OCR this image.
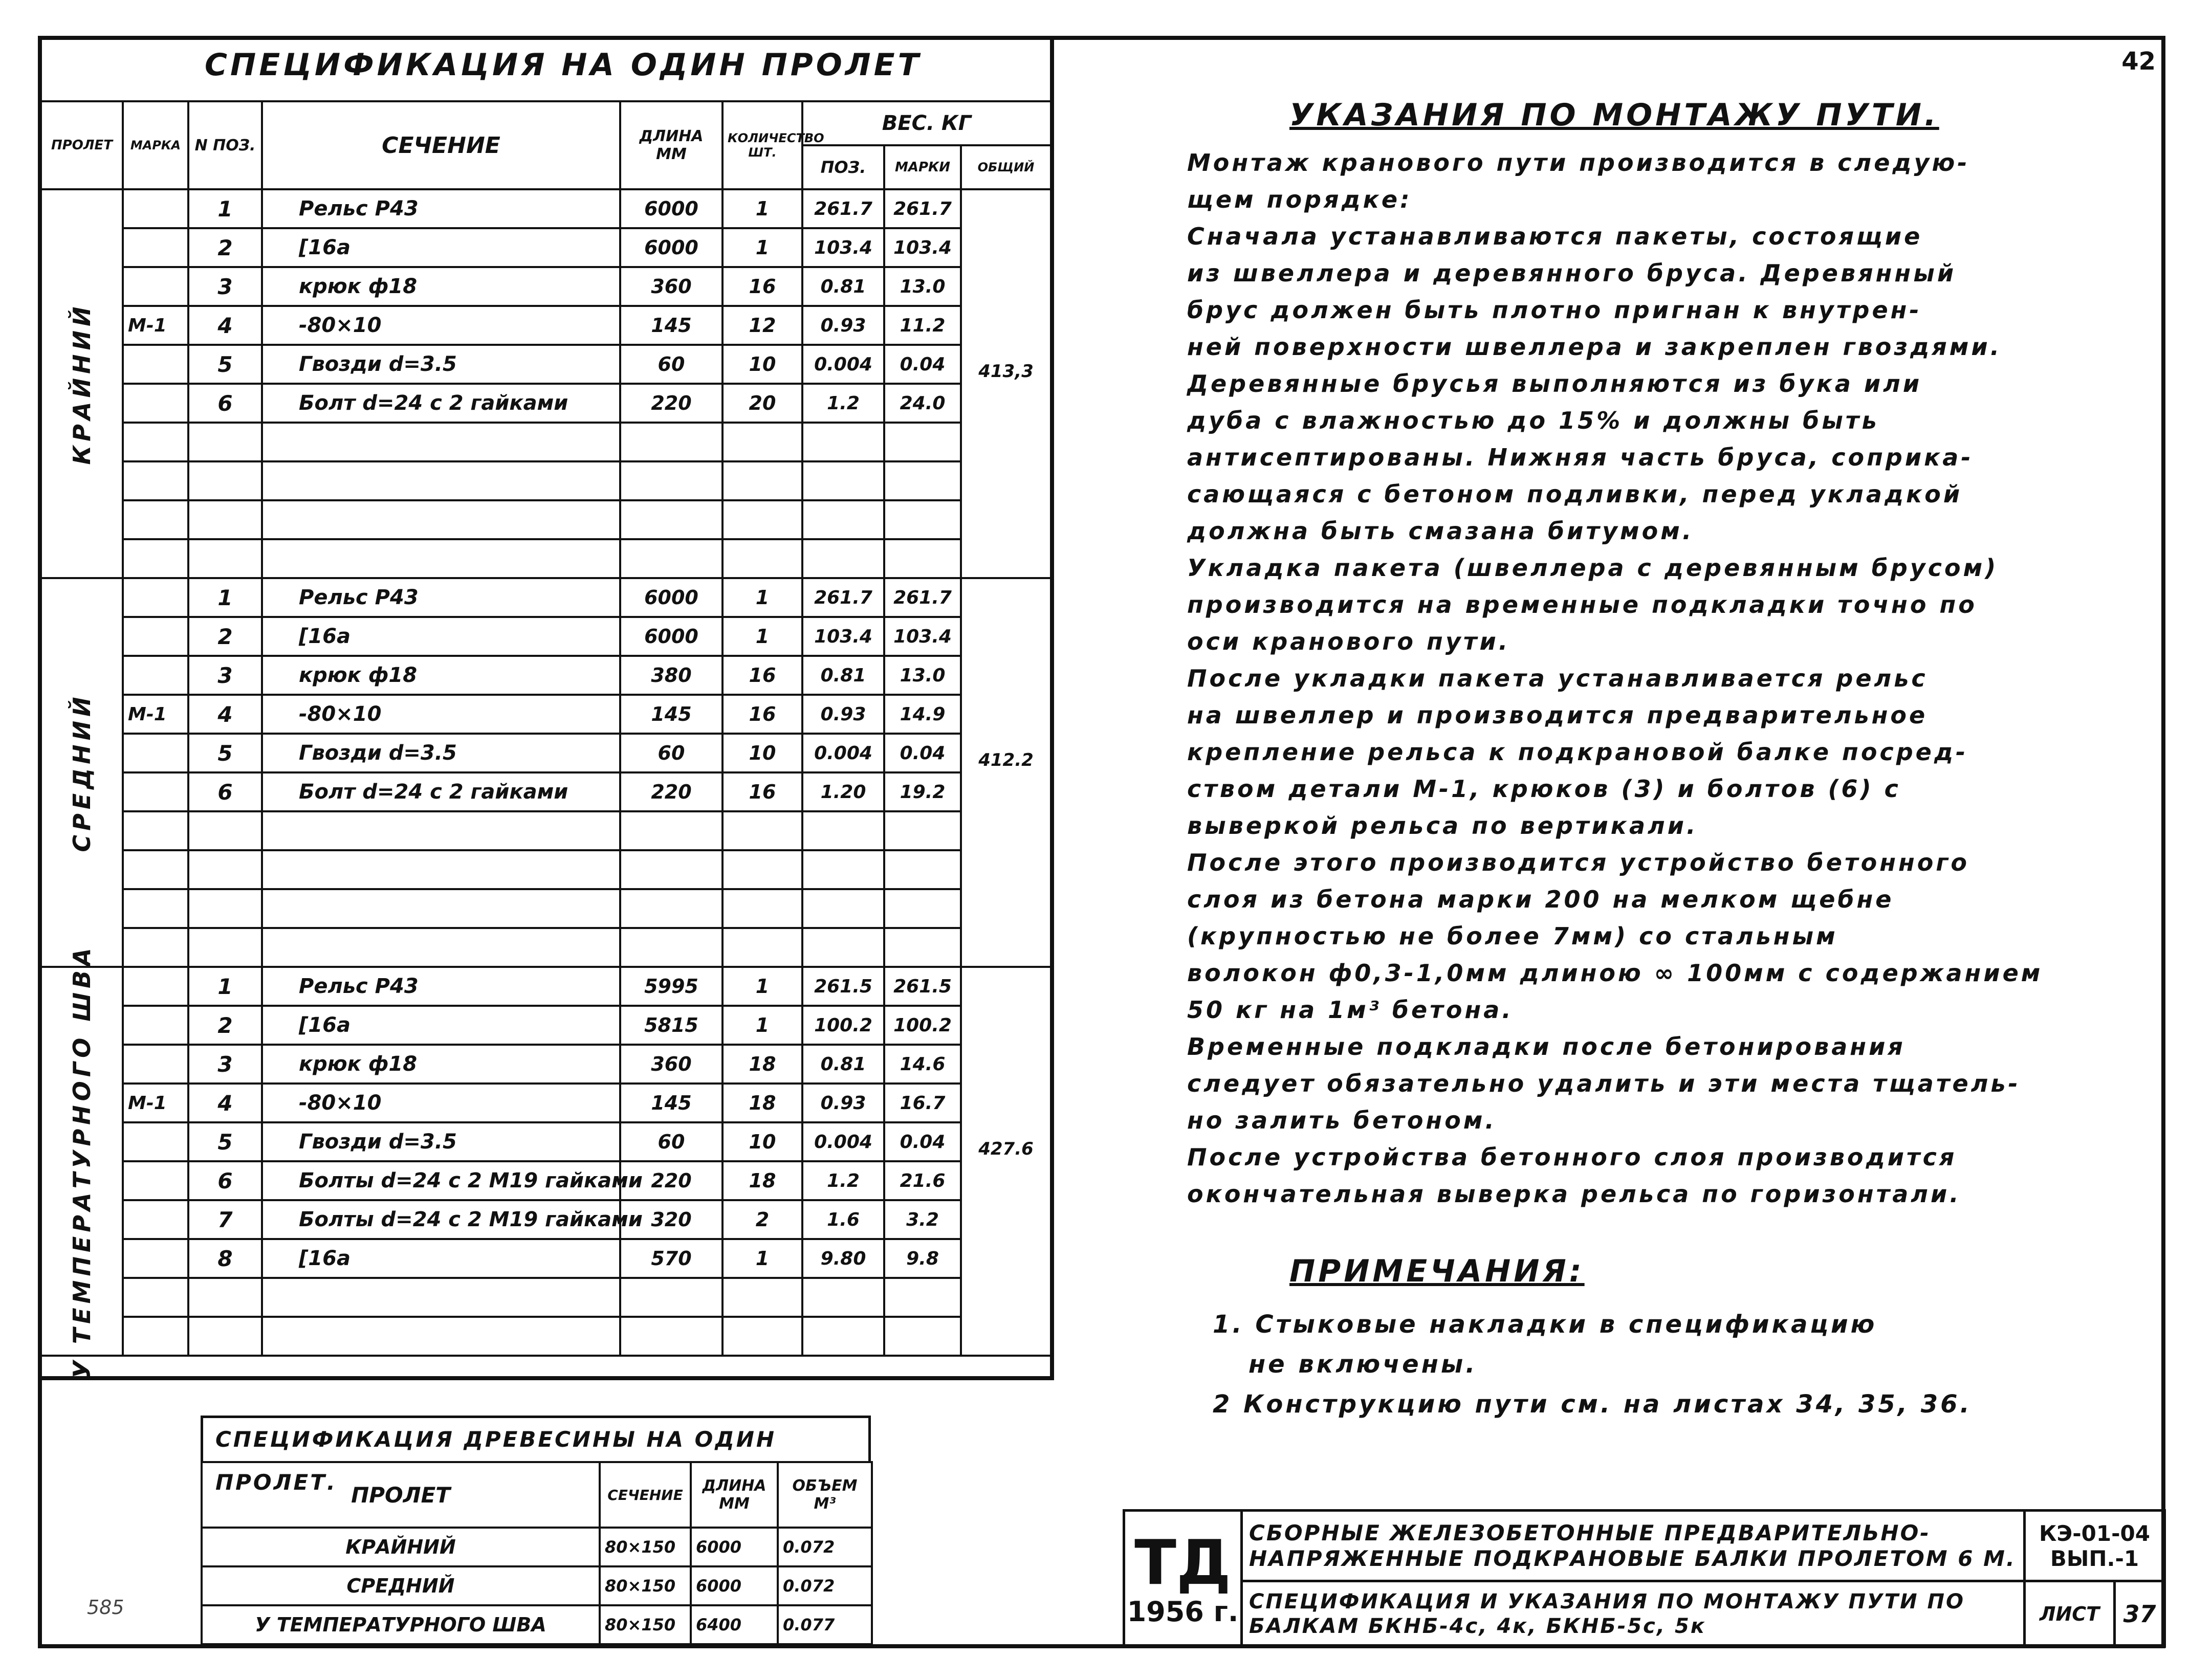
42
СПЕЦИФИКАЦИЯ НА ОДИН ПРОЛЕТ
ПРОЛЕТ	МАРКА	N ПОЗ.	СЕЧЕНИЕ	ДЛИНА ММ	КОЛИЧЕСТВО ШТ.	ВЕС. КГ		
						ПОЗ.	МАРКИ	ОБЩИЙ

КРАЙНИЙ		1	Рельс Р43	6000	1	261.7	261.7	413,3
		2	[16а	6000	1	103.4	103.4	
		3	крюк ф18	360	16	0.81	13.0	
	М-1	4	-80×10	145	12	0.93	11.2	
		5	Гвозди d=3.5	60	10	0.004	0.04	
		6	Болт d=24 с 2 гайками	220	20	1.2	24.0	

СРЕДНИЙ		1	Рельс Р43	6000	1	261.7	261.7	412.2
		2	[16а	6000	1	103.4	103.4	
		3	крюк ф18	380	16	0.81	13.0	
	М-1	4	-80×10	145	16	0.93	14.9	
		5	Гвозди d=3.5	60	10	0.004	0.04	
		6	Болт d=24 с 2 гайками	220	16	1.20	19.2	

У ТЕМПЕРАТУРНОГО ШВА		1	Рельс Р43	5995	1	261.5	261.5	427.6
		2	[16а	5815	1	100.2	100.2	
		3	крюк ф18	360	18	0.81	14.6	
	М-1	4	-80×10	145	18	0.93	16.7	
		5	Гвозди d=3.5	60	10	0.004	0.04	
		6	Болты d=24 с 2 М19 гайками	220	18	1.2	21.6	
		7	Болты d=24 с 2 М19 гайками	320	2	1.6	3.2	
		8	[16а	570	1	9.80	9.8	

СПЕЦИФИКАЦИЯ ДРЕВЕСИНЫ НА ОДИН ПРОЛЕТ. ПРОЛЕТ	СЕЧЕНИЕ	ДЛИНА ММ	ОБЪЕМ М³
КРАЙНИЙ	80×150	6000	0.072
СРЕДНИЙ	80×150	6000	0.072
У ТЕМПЕРАТУРНОГО ШВА	80×150	6400	0.077
585
УКАЗАНИЯ ПО МОНТАЖУ ПУТИ.

Монтаж кранового пути производится в следую-

щем порядке:

Сначала устанавливаются пакеты, состоящие

из швеллера и деревянного бруса. Деревянный

брус должен быть плотно пригнан к внутрен-

ней поверхности швеллера и закреплен гвоздями.

Деревянные брусья выполняются из бука или

дуба с влажностью до 15% и должны быть

антисептированы. Нижняя часть бруса, соприка-

сающаяся с бетоном подливки, перед укладкой

должна быть смазана битумом.

Укладка пакета (швеллера с деревянным брусом)

производится на временные подкладки точно по

оси кранового пути.

После укладки пакета устанавливается рельс

на швеллер и производится предварительное

крепление рельса к подкрановой балке посред-

ством детали М-1, крюков (3) и болтов (6) с

выверкой рельса по вертикали.

После этого производится устройство бетонного

слоя из бетона марки 200 на мелком щебне

(крупностью не более 7мм) со стальным

волокон ф0,3-1,0мм длиною ∞ 100мм с содержанием

50 кг на 1м³ бетона.

Временные подкладки после бетонирования

следует обязательно удалить и эти места тщатель-

но залить бетоном.

После устройства бетонного слоя производится

окончательная выверка рельса по горизонтали.

ПРИМЕЧАНИЯ:

1. Стыковые накладки в спецификацию

не включены.

2 Конструкцию пути см. на листах 34, 35, 36.

ТД
1956 г.	СБОРНЫЕ ЖЕЛЕЗОБЕТОННЫЕ ПРЕДВАРИТЕЛЬНО-НАПРЯЖЕННЫЕ ПОДКРАНОВЫЕ БАЛКИ ПРОЛЕТОМ 6 М.	КЭ-01-04 ВЫП.-1	
	СПЕЦИФИКАЦИЯ И УКАЗАНИЯ ПО МОНТАЖУ ПУТИ ПО БАЛКАМ БКНБ-4с, 4к, БКНБ-5с, 5к	ЛИСТ	37
